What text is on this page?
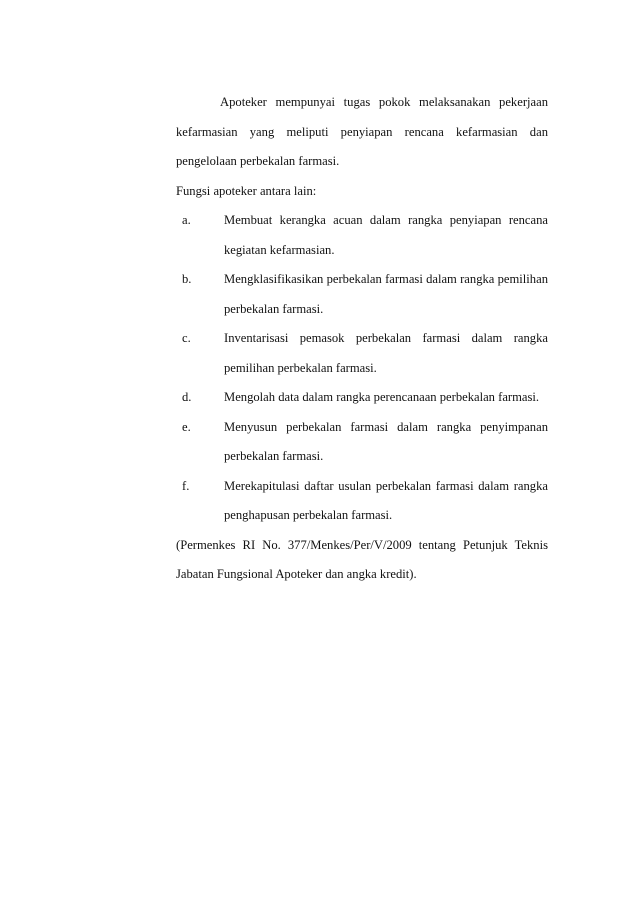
Apoteker mempunyai tugas pokok melaksanakan pekerjaan kefarmasian yang meliputi penyiapan rencana kefarmasian dan pengelolaan perbekalan farmasi.

Fungsi apoteker antara lain:

a.	Membuat kerangka acuan dalam rangka penyiapan rencana kegiatan kefarmasian.
b.	Mengklasifikasikan perbekalan farmasi dalam rangka pemilihan perbekalan farmasi.
c.	Inventarisasi pemasok perbekalan farmasi dalam rangka pemilihan perbekalan farmasi.
d.	Mengolah data dalam rangka perencanaan perbekalan farmasi.
e.	Menyusun perbekalan farmasi dalam rangka penyimpanan perbekalan farmasi.
f.	Merekapitulasi daftar usulan perbekalan farmasi dalam rangka penghapusan perbekalan farmasi.

(Permenkes RI No. 377/Menkes/Per/V/2009 tentang Petunjuk Teknis Jabatan Fungsional Apoteker dan angka kredit).
